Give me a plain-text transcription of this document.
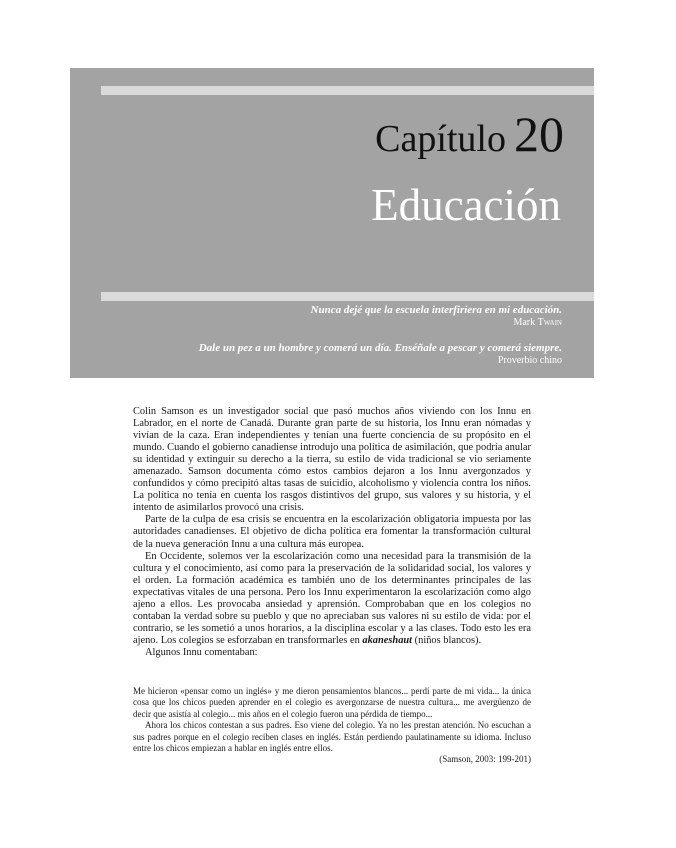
Capítulo 20
Educación
Nunca dejé que la escuela interfiriera en mi educación.
Mark Twain
Dale un pez a un hombre y comerá un día. Enséñale a pescar y comerá siempre.
Proverbio chino

Colin Samson es un investigador social que pasó muchos años viviendo con los Innu en Labrador, en el norte de Canadá. Durante gran parte de su historia, los Innu eran nómadas y vivían de la caza. Eran independientes y tenían una fuerte conciencia de su propósito en el mundo. Cuando el gobierno canadiense introdujo una política de asimilación, que podría anular su identidad y extinguir su derecho a la tierra, su estilo de vida tradicional se vio seriamente amenazado. Samson documenta cómo estos cambios dejaron a los Innu avergonzados y confundidos y cómo precipitó altas tasas de suicidio, alcoholismo y violencia contra los niños. La política no tenía en cuenta los rasgos distintivos del grupo, sus valores y su historia, y el intento de asimilarlos provocó una crisis.

Parte de la culpa de esa crisis se encuentra en la escolarización obligatoria impuesta por las autoridades canadienses. El objetivo de dicha política era fomentar la transformación cultural de la nueva generación Innu a una cultura más europea.

En Occidente, solemos ver la escolarización como una necesidad para la transmisión de la cultura y el conocimiento, así como para la preservación de la solidaridad social, los valores y el orden. La formación académica es también uno de los determinantes principales de las expectativas vitales de una persona. Pero los Innu experimentaron la escolarización como algo ajeno a ellos. Les provocaba ansiedad y aprensión. Comprobaban que en los colegios no contaban la verdad sobre su pueblo y que no apreciaban sus valores ni su estilo de vida: por el contrario, se les sometió a unos horarios, a la disciplina escolar y a las clases. Todo esto les era ajeno. Los colegios se esforzaban en transformarles en akaneshaut (niños blancos).

Algunos Innu comentaban:

Me hicieron «pensar como un inglés» y me dieron pensamientos blancos... perdí parte de mi vida... la única cosa que los chicos pueden aprender en el colegio es avergonzarse de nuestra cultura... me avergüenzo de decir que asistía al colegio... mis años en el colegio fueron una pérdida de tiempo...

Ahora los chicos contestan a sus padres. Eso viene del colegio. Ya no les prestan atención. No escuchan a sus padres porque en el colegio reciben clases en inglés. Están perdiendo paulatinamente su idioma. Incluso entre los chicos empiezan a hablar en inglés entre ellos.

(Samson, 2003: 199-201)
